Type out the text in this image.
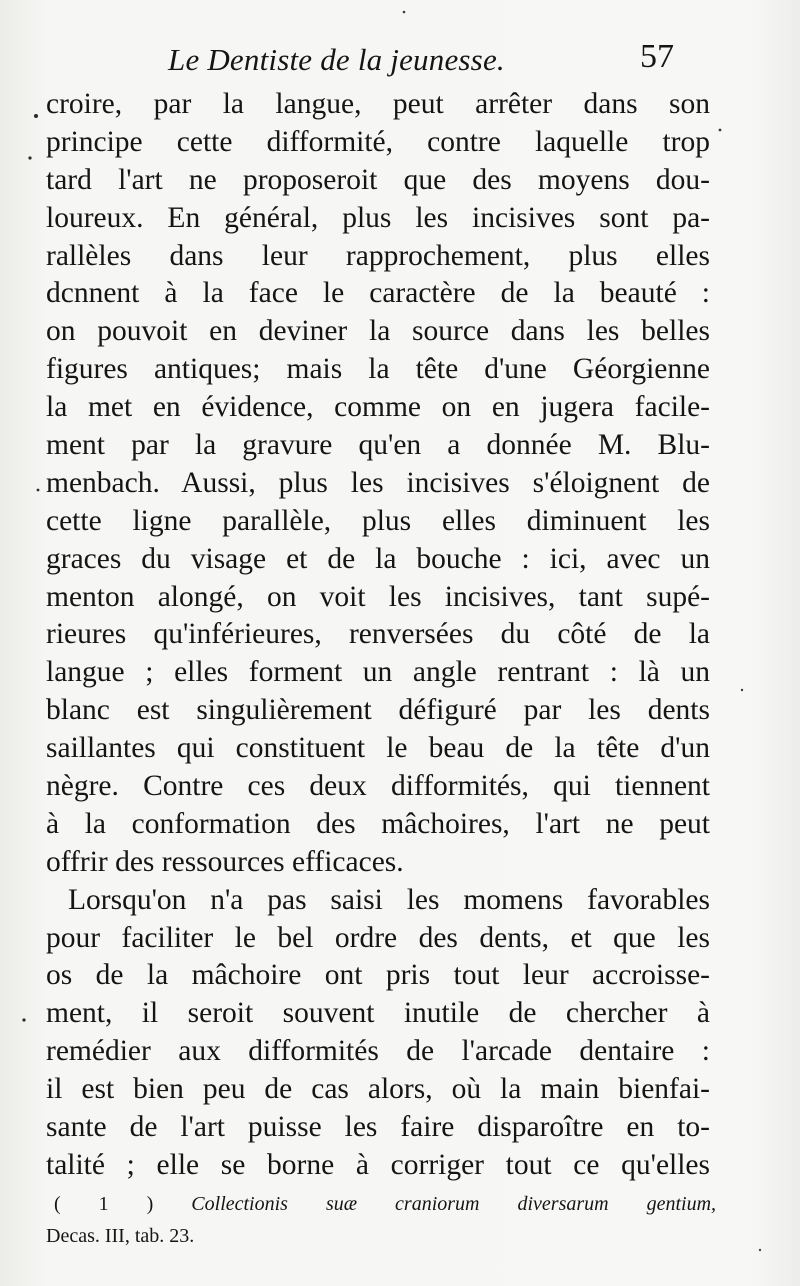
Le Dentiste de la jeunesse.	57
croire, par la langue, peut arrêter dans son
principe cette difformité, contre laquelle trop
tard l'art ne proposeroit que des moyens dou-
loureux. En général, plus les incisives sont pa-
rallèles dans leur rapprochement, plus elles
dcnnent à la face le caractère de la beauté :
on pouvoit en deviner la source dans les belles
figures antiques; mais la tête d'une Géorgienne
la met en évidence, comme on en jugera facile-
ment par la gravure qu'en a donnée M. Blu-
menbach. Aussi, plus les incisives s'éloignent de
cette ligne parallèle, plus elles diminuent les
graces du visage et de la bouche : ici, avec un
menton alongé, on voit les incisives, tant supé-
rieures qu'inférieures, renversées du côté de la
langue ; elles forment un angle rentrant : là un
blanc est singulièrement défiguré par les dents
saillantes qui constituent le beau de la tête d'un
nègre. Contre ces deux difformités, qui tiennent
à la conformation des mâchoires, l'art ne peut
offrir des ressources efficaces.
Lorsqu'on n'a pas saisi les momens favorables
pour faciliter le bel ordre des dents, et que les
os de la mâchoire ont pris tout leur accroisse-
ment, il seroit souvent inutile de chercher à
remédier aux difformités de l'arcade dentaire :
il est bien peu de cas alors, où la main bienfai-
sante de l'art puisse les faire disparoître en to-
talité ; elle se borne à corriger tout ce qu'elles
( 1 ) Collectionis suæ craniorum diversarum gentium,
Decas. III, tab. 23.
